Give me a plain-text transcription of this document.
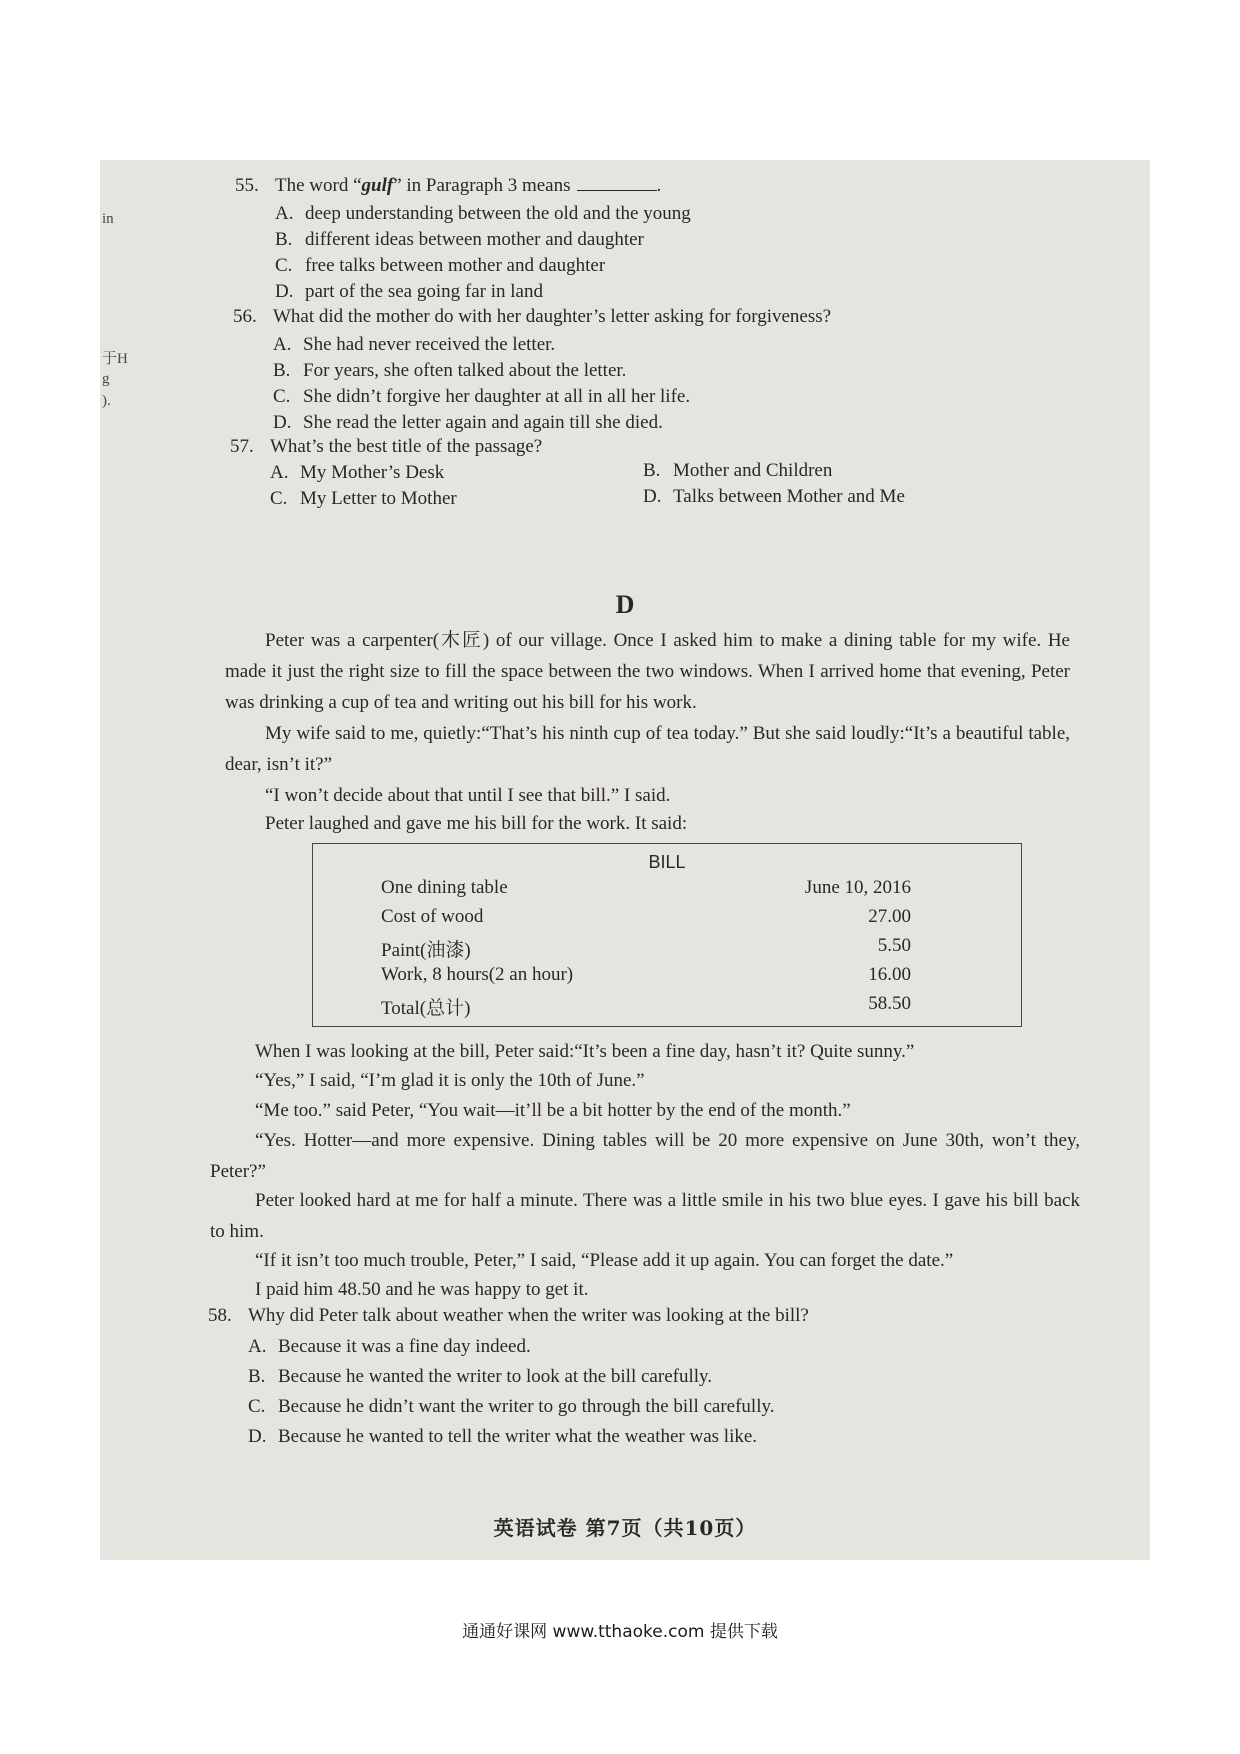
in
于H
g
).
55. The word “gulf” in Paragraph 3 means	.
A. deep understanding between the old and the young
B. different ideas between mother and daughter
C. free talks between mother and daughter
D. part of the sea going far in land
56. What did the mother do with her daughter’s letter asking for forgiveness?
A. She had never received the letter.
B. For years, she often talked about the letter.
C. She didn’t forgive her daughter at all in all her life.
D. She read the letter again and again till she died.
57. What’s the best title of the passage?
A. My Mother’s Desk	B. Mother and Children
C. My Letter to Mother	D. Talks between Mother and Me
D
Peter was a carpenter(木匠) of our village. Once I asked him to make a dining table for my wife. He made it just the right size to fill the space between the two windows. When I arrived home that evening, Peter was drinking a cup of tea and writing out his bill for his work.
My wife said to me, quietly:“That’s his ninth cup of tea today.” But she said loudly:“It’s a beautiful table, dear, isn’t it?”
“I won’t decide about that until I see that bill.” I said.
Peter laughed and gave me his bill for the work. It said:
BILL
One dining table	June 10, 2016
Cost of wood	27.00
Paint(油漆)	5.50
Work, 8 hours(2 an hour)	16.00
Total(总计)	58.50
When I was looking at the bill, Peter said:“It’s been a fine day, hasn’t it? Quite sunny.”
“Yes,” I said, “I’m glad it is only the 10th of June.”
“Me too.” said Peter, “You wait—it’ll be a bit hotter by the end of the month.”
“Yes. Hotter—and more expensive. Dining tables will be 20 more expensive on June 30th, won’t they, Peter?”
Peter looked hard at me for half a minute. There was a little smile in his two blue eyes. I gave his bill back to him.
“If it isn’t too much trouble, Peter,” I said, “Please add it up again. You can forget the date.”
I paid him 48.50 and he was happy to get it.
58. Why did Peter talk about weather when the writer was looking at the bill?
A. Because it was a fine day indeed.
B. Because he wanted the writer to look at the bill carefully.
C. Because he didn’t want the writer to go through the bill carefully.
D. Because he wanted to tell the writer what the weather was like.
英语试卷 第7页（共10页）
通通好课网 www.tthaoke.com 提供下载
